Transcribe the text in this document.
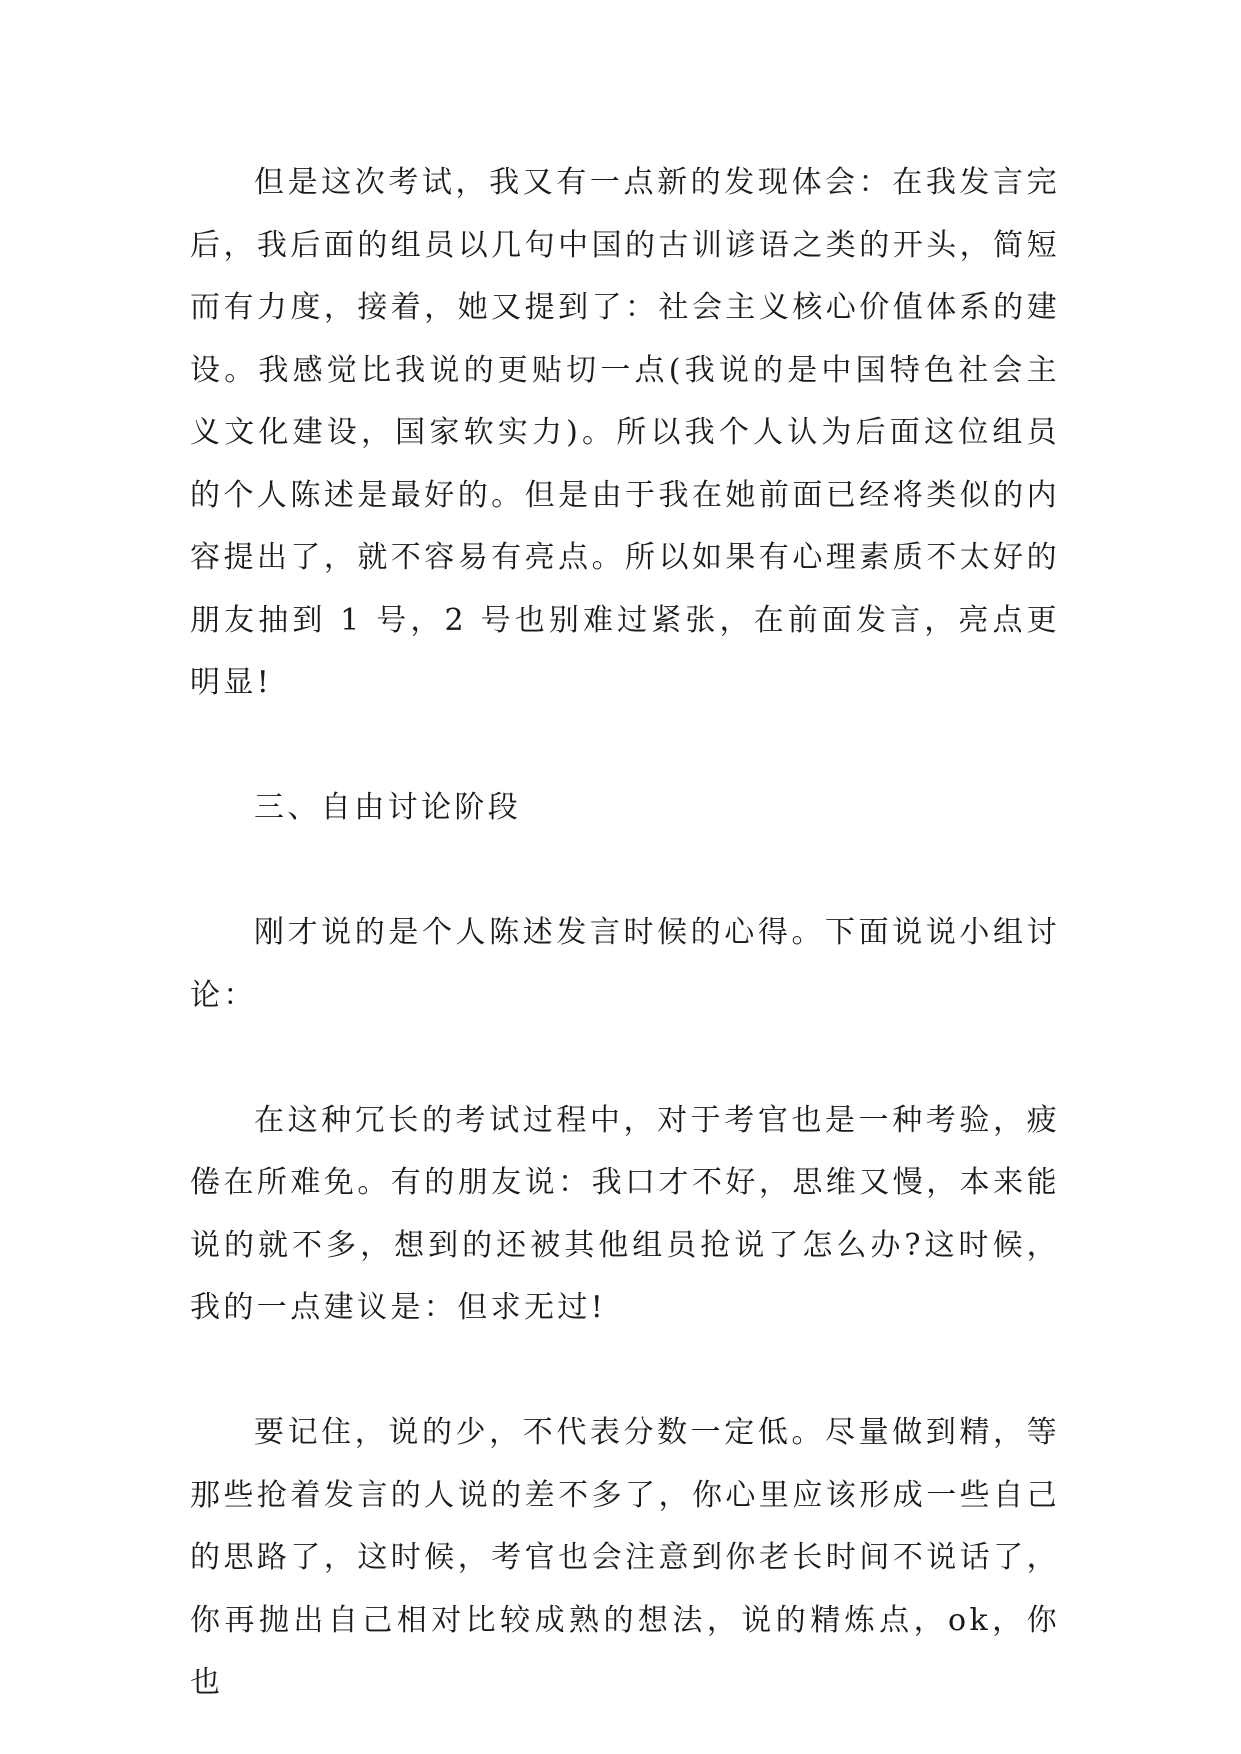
但是这次考试，我又有一点新的发现体会：在我发言完后，我后面的组员以几句中国的古训谚语之类的开头，简短而有力度，接着，她又提到了：社会主义核心价值体系的建设。我感觉比我说的更贴切一点(我说的是中国特色社会主义文化建设，国家软实力)。所以我个人认为后面这位组员的个人陈述是最好的。但是由于我在她前面已经将类似的内容提出了，就不容易有亮点。所以如果有心理素质不太好的朋友抽到 1 号，2 号也别难过紧张，在前面发言，亮点更明显!

三、自由讨论阶段

刚才说的是个人陈述发言时候的心得。下面说说小组讨论：

在这种冗长的考试过程中，对于考官也是一种考验，疲倦在所难免。有的朋友说：我口才不好，思维又慢，本来能说的就不多，想到的还被其他组员抢说了怎么办?这时候，我的一点建议是：但求无过!

要记住，说的少，不代表分数一定低。尽量做到精，等那些抢着发言的人说的差不多了，你心里应该形成一些自己的思路了，这时候，考官也会注意到你老长时间不说话了，你再抛出自己相对比较成熟的想法，说的精炼点，ok，你也
